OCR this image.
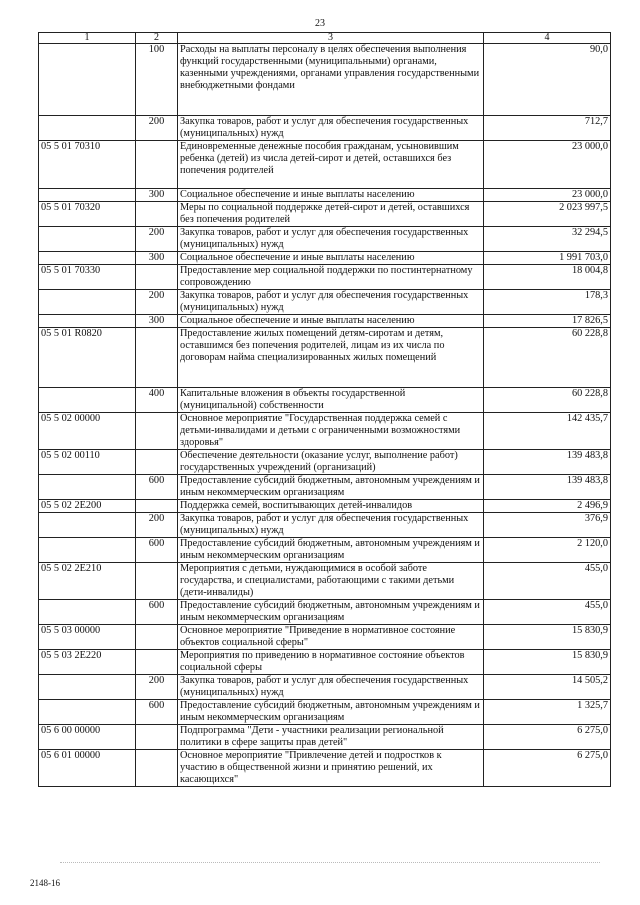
23
1	2	3	4
	100	Расходы на выплаты персоналу в целях обеспечения выполнения функций государственными (муниципальными) органами, казенными учреждениями, органами управления государственными внебюджетными фондами	90,0
	200	Закупка товаров, работ и услуг для обеспечения государственных (муниципальных) нужд	712,7
05 5 01 70310		Единовременные денежные пособия гражданам, усыновившим ребенка (детей) из числа детей-сирот и детей, оставшихся без попечения родителей	23 000,0
	300	Социальное обеспечение и иные выплаты населению	23 000,0
05 5 01 70320		Меры по социальной поддержке детей-сирот и детей, оставшихся без попечения родителей	2 023 997,5
	200	Закупка товаров, работ и услуг для обеспечения государственных (муниципальных) нужд	32 294,5
	300	Социальное обеспечение и иные выплаты населению	1 991 703,0
05 5 01 70330		Предоставление мер социальной поддержки по постинтернатному сопровождению	18 004,8
	200	Закупка товаров, работ и услуг для обеспечения государственных (муниципальных) нужд	178,3
	300	Социальное обеспечение и иные выплаты населению	17 826,5
05 5 01 R0820		Предоставление жилых помещений детям-сиротам и детям, оставшимся без попечения родителей, лицам из их числа по договорам найма специализированных жилых помещений	60 228,8
	400	Капитальные вложения в объекты государственной (муниципальной) собственности	60 228,8
05 5 02 00000		Основное мероприятие "Государственная поддержка семей с детьми-инвалидами и детьми с ограниченными возможностями здоровья"	142 435,7
05 5 02 00110		Обеспечение деятельности (оказание услуг, выполнение работ) государственных учреждений (организаций)	139 483,8
	600	Предоставление субсидий бюджетным, автономным учреждениям и иным некоммерческим организациям	139 483,8
05 5 02 2E200		Поддержка семей, воспитывающих детей-инвалидов	2 496,9
	200	Закупка товаров, работ и услуг для обеспечения государственных (муниципальных) нужд	376,9
	600	Предоставление субсидий бюджетным, автономным учреждениям и иным некоммерческим организациям	2 120,0
05 5 02 2E210		Мероприятия с детьми, нуждающимися в особой заботе государства, и специалистами, работающими с такими детьми (дети-инвалиды)	455,0
	600	Предоставление субсидий бюджетным, автономным учреждениям и иным некоммерческим организациям	455,0
05 5 03 00000		Основное мероприятие "Приведение в нормативное состояние объектов социальной сферы"	15 830,9
05 5 03 2E220		Мероприятия по приведению в нормативное состояние объектов социальной сферы	15 830,9
	200	Закупка товаров, работ и услуг для обеспечения государственных (муниципальных) нужд	14 505,2
	600	Предоставление субсидий бюджетным, автономным учреждениям и иным некоммерческим организациям	1 325,7
05 6 00 00000		Подпрограмма "Дети - участники реализации региональной политики в сфере защиты прав детей"	6 275,0
05 6 01 00000		Основное мероприятие "Привлечение детей и подростков к участию в общественной жизни и принятию решений, их касающихся"	6 275,0
2148-16
